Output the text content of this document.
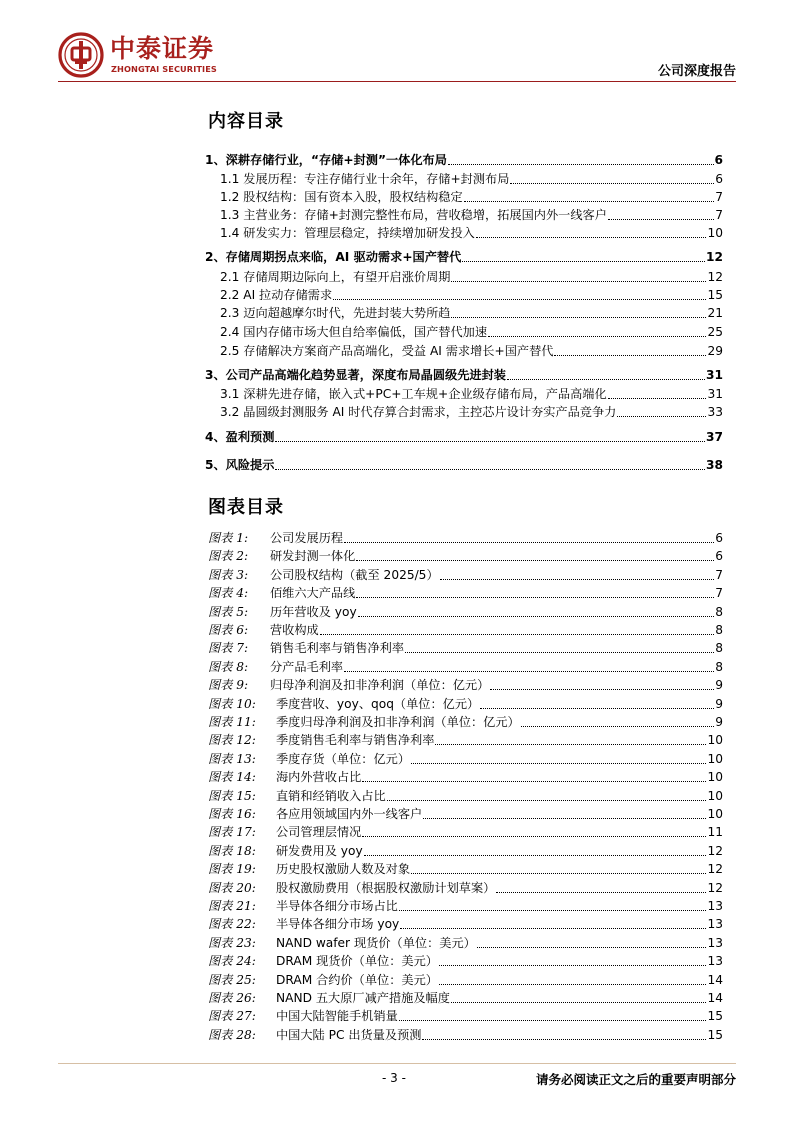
中泰证券
ZHONGTAI SECURITIES	公司深度报告
内容目录
1、深耕存储行业，“存储+封测”一体化布局	6
1.1 发展历程：专注存储行业十余年，存储+封测布局	6
1.2 股权结构：国有资本入股，股权结构稳定	7
1.3 主营业务：存储+封测完整性布局，营收稳增，拓展国内外一线客户	7
1.4 研发实力：管理层稳定，持续增加研发投入	10
2、存储周期拐点来临，AI 驱动需求+国产替代	12
2.1 存储周期边际向上，有望开启涨价周期	12
2.2 AI 拉动存储需求	15
2.3 迈向超越摩尔时代，先进封装大势所趋	21
2.4 国内存储市场大但自给率偏低，国产替代加速	25
2.5 存储解决方案商产品高端化，受益 AI 需求增长+国产替代	29
3、公司产品高端化趋势显著，深度布局晶圆级先进封装	31
3.1 深耕先进存储，嵌入式+PC+工车规+企业级存储布局，产品高端化	31
3.2 晶圆级封测服务 AI 时代存算合封需求，主控芯片设计夯实产品竞争力	33
4、盈利预测	37
5、风险提示	38
图表目录
图表 1:	公司发展历程	6
图表 2:	研发封测一体化	6
图表 3:	公司股权结构（截至 2025/5）	7
图表 4:	佰维六大产品线	7
图表 5:	历年营收及 yoy	8
图表 6:	营收构成	8
图表 7:	销售毛利率与销售净利率	8
图表 8:	分产品毛利率	8
图表 9:	归母净利润及扣非净利润（单位：亿元）	9
图表 10:	季度营收、yoy、qoq（单位：亿元）	9
图表 11:	季度归母净利润及扣非净利润（单位：亿元）	9
图表 12:	季度销售毛利率与销售净利率	10
图表 13:	季度存货（单位：亿元）	10
图表 14:	海内外营收占比	10
图表 15:	直销和经销收入占比	10
图表 16:	各应用领域国内外一线客户	10
图表 17:	公司管理层情况	11
图表 18:	研发费用及 yoy	12
图表 19:	历史股权激励人数及对象	12
图表 20:	股权激励费用（根据股权激励计划草案）	12
图表 21:	半导体各细分市场占比	13
图表 22:	半导体各细分市场 yoy	13
图表 23:	NAND wafer 现货价（单位：美元）	13
图表 24:	DRAM 现货价（单位：美元）	13
图表 25:	DRAM 合约价（单位：美元）	14
图表 26:	NAND 五大原厂减产措施及幅度	14
图表 27:	中国大陆智能手机销量	15
图表 28:	中国大陆 PC 出货量及预测	15
- 3 -	请务必阅读正文之后的重要声明部分
